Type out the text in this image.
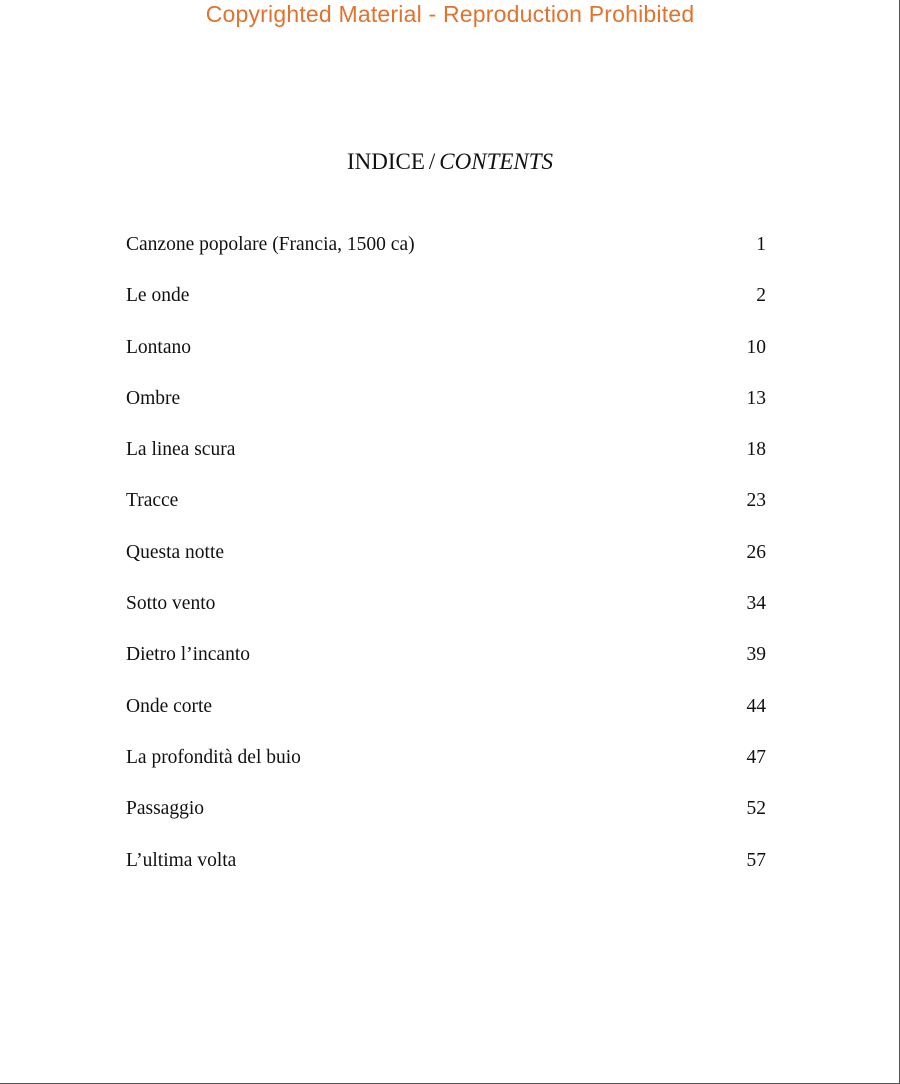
Copyrighted Material - Reproduction Prohibited
INDICE / CONTENTS
Canzone popolare (Francia, 1500 ca)	1
Le onde	2
Lontano	10
Ombre	13
La linea scura	18
Tracce	23
Questa notte	26
Sotto vento	34
Dietro l’incanto	39
Onde corte	44
La profondità del buio	47
Passaggio	52
L’ultima volta	57
